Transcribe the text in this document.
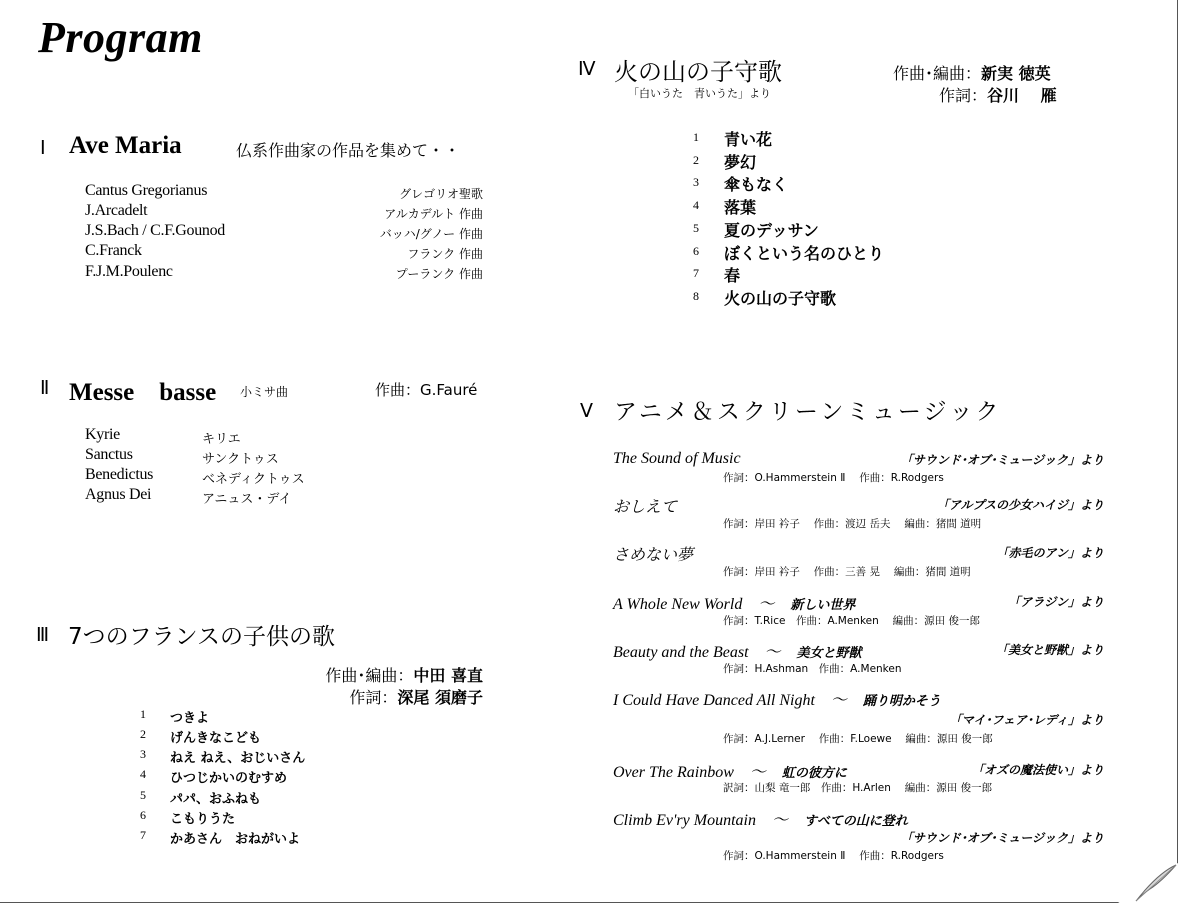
Program
Ⅰ Ave Maria	仏系作曲家の作品を集めて・・
Cantus Gregorianus	グレゴリオ聖歌
J.Arcadelt	アルカデルト 作曲
J.S.Bach / C.F.Gounod	バッハ/グノー 作曲
C.Franck	フランク 作曲
F.J.M.Poulenc	プーランク 作曲
Ⅱ Messe　basse 小ミサ曲	作曲：G.Fauré
Kyrie	キリエ
Sanctus	サンクトゥス
Benedictus	ベネディクトゥス
Agnus Dei	アニュス・デイ
Ⅲ 7つのフランスの子供の歌
作曲･編曲：中田 喜直
作詞：深尾 須磨子
1 つきよ
2 げんきなこども
3 ねえ ねえ、おじいさん
4 ひつじかいのむすめ
5 パパ、おふねも
6 こもりうた
7 かあさん　おねがいよ
Ⅳ 火の山の子守歌
「白いうた　青いうた」より
作曲･編曲：新実 徳英
作詞：谷川　 雁
1 青い花
2 夢幻
3 傘もなく
4 落葉
5 夏のデッサン
6 ぼくという名のひとり
7 春
8 火の山の子守歌
Ⅴ アニメ＆スクリーンミュージック
The Sound of Music	「サウンド･オブ･ミュージック」より
作詞：O.Hammerstein Ⅱ　 作曲：R.Rodgers
おしえて	「アルプスの少女ハイジ」より
作詞：岸田 衿子　 作曲：渡辺 岳夫　 編曲：猪間 道明
さめない夢	「赤毛のアン」より
作詞：岸田 衿子　 作曲：三善 晃　 編曲：猪間 道明
A Whole New World　～　新しい世界	「アラジン」より
作詞：T.Rice　作曲：A.Menken　 編曲：源田 俊一郎
Beauty and the Beast　～　美女と野獣	「美女と野獣」より
作詞：H.Ashman　作曲：A.Menken
I Could Have Danced All Night　～　踊り明かそう
「マイ･フェア･レディ」より
作詞：A.J.Lerner　 作曲：F.Loewe　 編曲：源田 俊一郎
Over The Rainbow　～　虹の彼方に	「オズの魔法使い」より
訳詞：山梨 竜一郎　作曲：H.Arlen　 編曲：源田 俊一郎
Climb Ev'ry Mountain　～　すべての山に登れ
「サウンド･オブ･ミュージック」より
作詞：O.Hammerstein Ⅱ　 作曲：R.Rodgers
